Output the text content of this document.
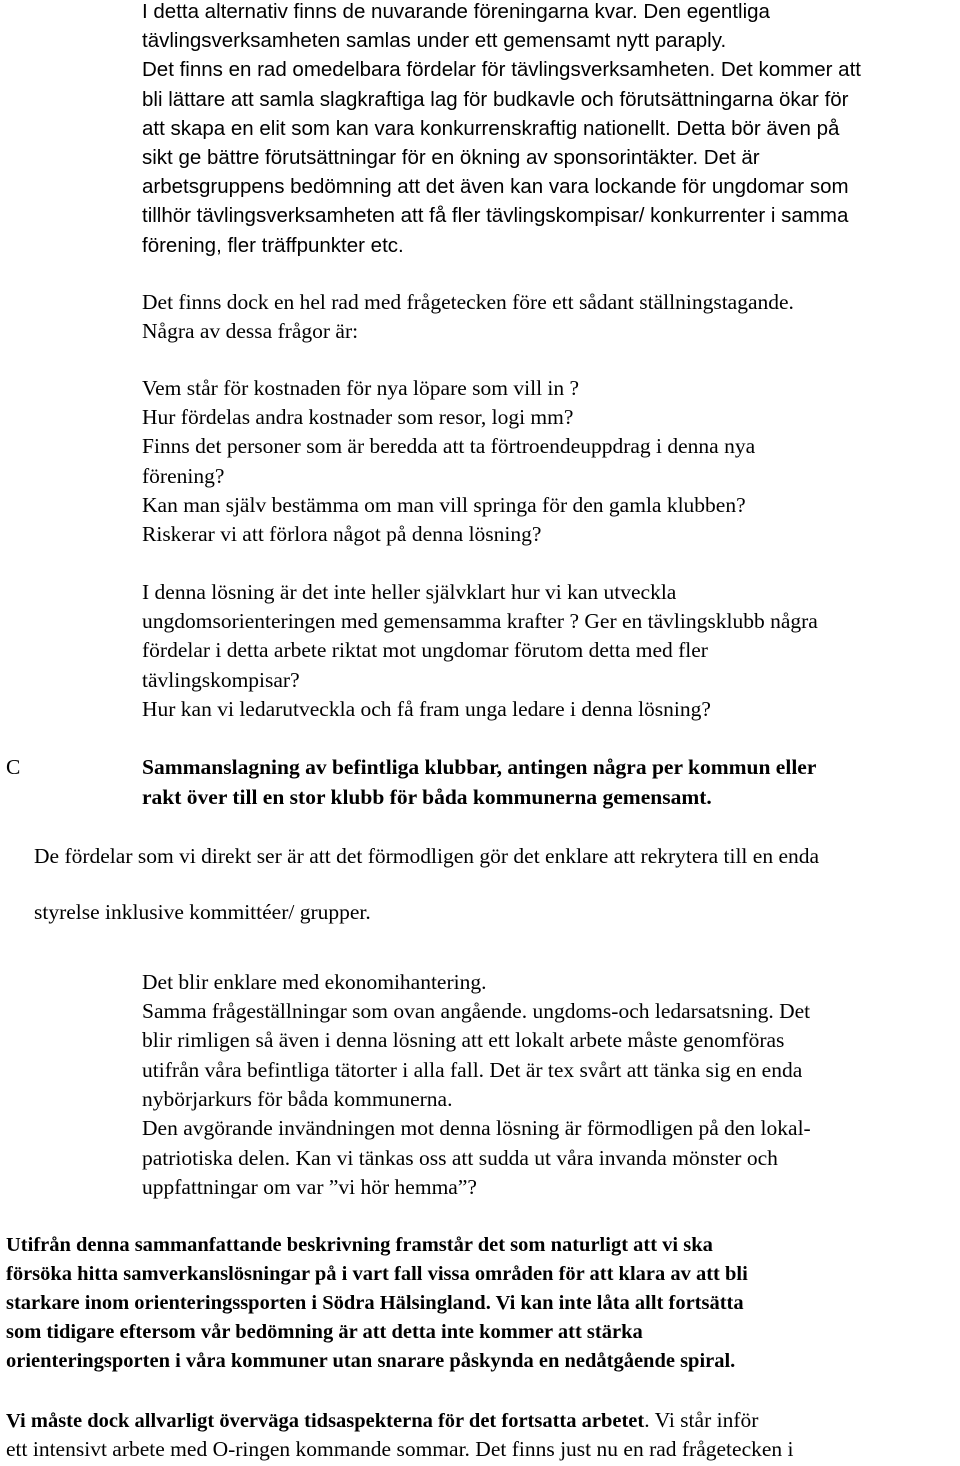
I detta alternativ finns de nuvarande föreningarna kvar. Den egentliga

tävlingsverksamheten samlas under ett gemensamt nytt paraply.

Det finns en rad omedelbara fördelar för tävlingsverksamheten. Det kommer att

bli lättare att samla slagkraftiga lag för budkavle och förutsättningarna ökar för

att skapa en elit som kan vara konkurrenskraftig nationellt. Detta bör även på

sikt ge bättre förutsättningar för en ökning av sponsorintäkter. Det är

arbetsgruppens bedömning att det även kan vara lockande för ungdomar som

tillhör tävlingsverksamheten att få fler tävlingskompisar/ konkurrenter i samma

förening, fler träffpunkter etc.

Det finns dock en hel rad med frågetecken före ett sådant ställningstagande.

Några av dessa frågor är:

Vem står för kostnaden för nya löpare som vill in ?

Hur fördelas andra kostnader som resor, logi mm?

Finns det personer som är beredda att ta förtroendeuppdrag i denna nya

förening?

Kan man själv bestämma om man vill springa för den gamla klubben?

Riskerar vi att förlora något på denna lösning?

I denna lösning är det inte heller självklart hur vi kan utveckla

ungdomsorienteringen med gemensamma krafter ? Ger en tävlingsklubb några

fördelar i detta arbete riktat mot ungdomar förutom detta med fler

tävlingskompisar?

Hur kan vi ledarutveckla och få fram unga ledare i denna lösning?

C	Sammanslagning av befintliga klubbar, antingen några per kommun eller

rakt över till en stor klubb för båda kommunerna gemensamt.

De fördelar som vi direkt ser är att det förmodligen gör det enklare att rekrytera till en enda

styrelse inklusive kommittéer/ grupper.

Det blir enklare med ekonomihantering.

Samma frågeställningar som ovan angående. ungdoms-och ledarsatsning. Det

blir rimligen så även i denna lösning att ett lokalt arbete måste genomföras

utifrån våra befintliga tätorter i alla fall. Det är tex svårt att tänka sig en enda

nybörjarkurs för båda kommunerna.

Den avgörande invändningen mot denna lösning är förmodligen på den lokal-

patriotiska delen. Kan vi tänkas oss att sudda ut våra invanda mönster och

uppfattningar om var ”vi hör hemma”?

Utifrån denna sammanfattande beskrivning framstår det som naturligt att vi ska

försöka hitta samverkanslösningar på i vart fall vissa områden för att klara av att bli

starkare inom orienteringssporten i Södra Hälsingland. Vi kan inte låta allt fortsätta

som tidigare eftersom vår bedömning är att detta inte kommer att stärka

orienteringsporten i våra kommuner utan snarare påskynda en nedåtgående spiral.

Vi måste dock allvarligt överväga tidsaspekterna för det fortsatta arbetet. Vi står inför

ett intensivt arbete med O-ringen kommande sommar. Det finns just nu en rad frågetecken i
